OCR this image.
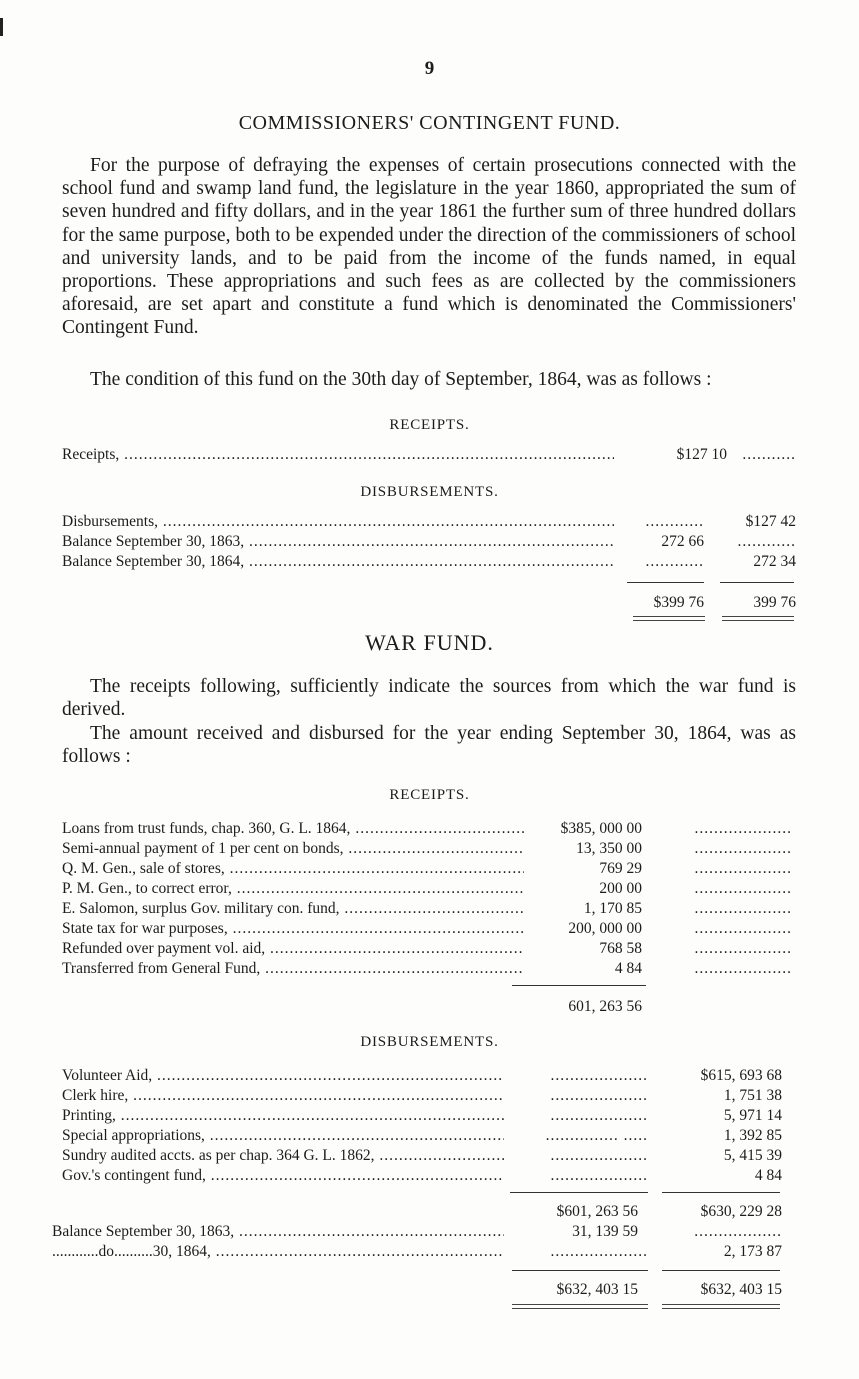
9
COMMISSIONERS' CONTINGENT FUND.
For the purpose of defraying the expenses of certain prosecutions connected with the school fund and swamp land fund, the legislature in the year 1860, appropriated the sum of seven hundred and fifty dollars, and in the year 1861 the further sum of three hundred dollars for the same purpose, both to be expended under the direction of the commissioners of school and university lands, and to be paid from the income of the funds named, in equal proportions. These appropriations and such fees as are collected by the commissioners aforesaid, are set apart and constitute a fund which is denominated the Commissioners' Contingent Fund.
The condition of this fund on the 30th day of September, 1864, was as follows :
RECEIPTS.
Receipts, .....	$127 10 ...........
DISBURSEMENTS.
Disbursements, .....	............	$127 42
Balance September 30, 1863, .....	272 66	............
Balance September 30, 1864, .....	............	272 34
$399 76	399 76
WAR FUND.
The receipts following, sufficiently indicate the sources from which the war fund is derived.
The amount received and disbursed for the year ending September 30, 1864, was as follows :
RECEIPTS.
Loans from trust funds, chap. 360, G. L. 1864, .....	$385, 000 00	....................
Semi-annual payment of 1 per cent on bonds, .....	13, 350 00	....................
Q. M. Gen., sale of stores, .....	769 29	....................
P. M. Gen., to correct error, .....	200 00	....................
E. Salomon, surplus Gov. military con. fund, .....	1, 170 85	....................
State tax for war purposes, .....	200, 000 00	....................
Refunded over payment vol. aid, .....	768 58	....................
Transferred from General Fund, .....	4 84	....................
601, 263 56
DISBURSEMENTS.
Volunteer Aid, .....	....................	$615, 693 68
Clerk hire, .....	....................	1, 751 38
Printing, .....	....................	5, 971 14
Special appropriations, .....	............... .....	1, 392 85
Sundry audited accts. as per chap. 364 G. L. 1862, .....	....................	5, 415 39
Gov.'s contingent fund, .....	....................	4 84
$601, 263 56	$630, 229 28
Balance September 30, 1863, .....	31, 139 59	..................
............do..........30, 1864, .....	....................	2, 173 87
$632, 403 15	$632, 403 15
